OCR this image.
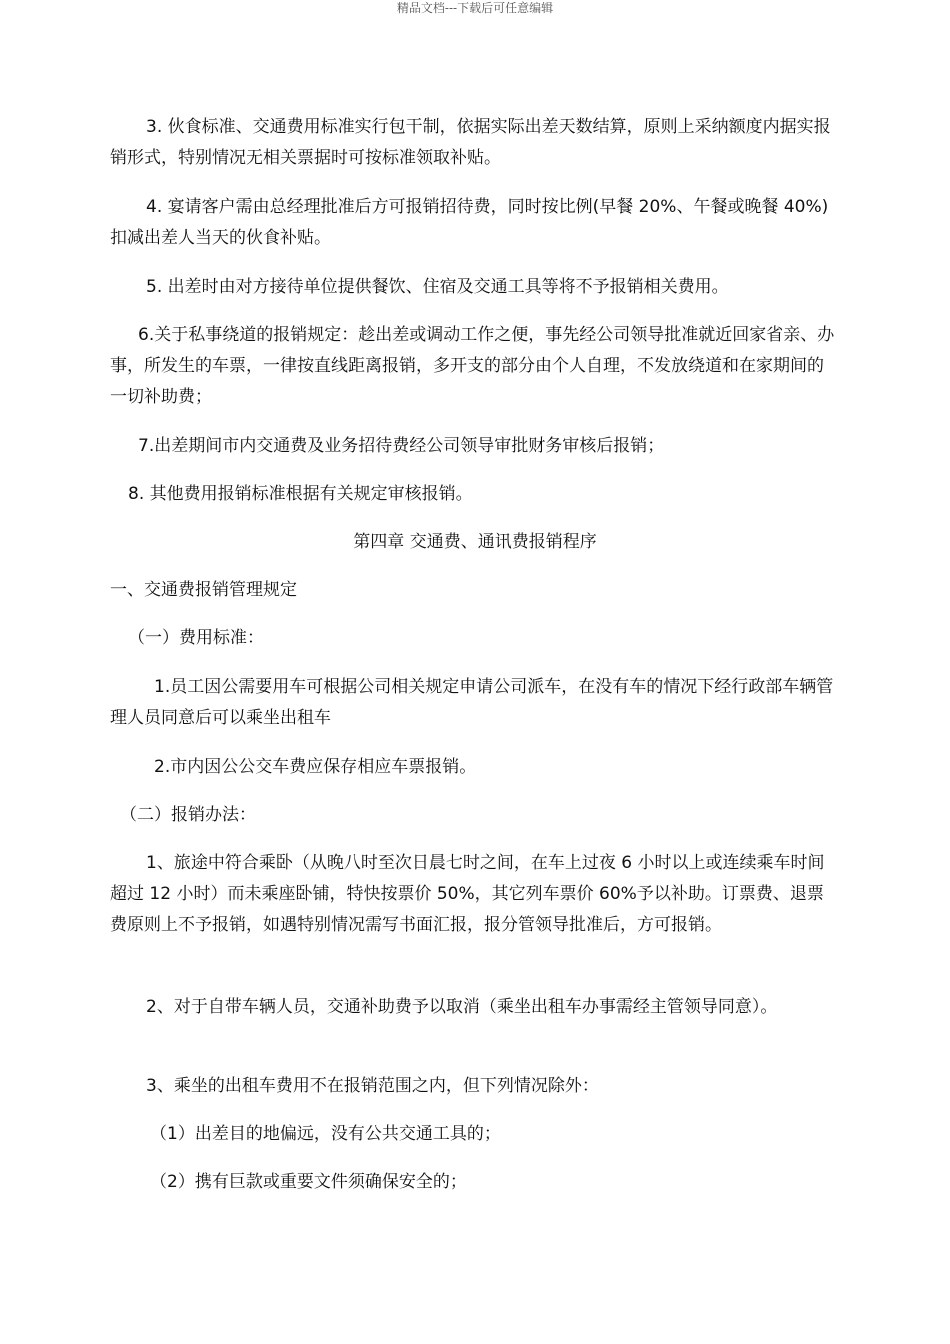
精品文档---下载后可任意编辑

3. 伙食标准、交通费用标准实行包干制，依据实际出差天数结算，原则上采纳额度内据实报销形式，特别情况无相关票据时可按标准领取补贴。

4. 宴请客户需由总经理批准后方可报销招待费，同时按比例(早餐 20%、午餐或晚餐 40%)扣减出差人当天的伙食补贴。

5. 出差时由对方接待单位提供餐饮、住宿及交通工具等将不予报销相关费用。

6.关于私事绕道的报销规定：趁出差或调动工作之便，事先经公司领导批准就近回家省亲、办事，所发生的车票，一律按直线距离报销，多开支的部分由个人自理，不发放绕道和在家期间的一切补助费；

7.出差期间市内交通费及业务招待费经公司领导审批财务审核后报销；

8. 其他费用报销标准根据有关规定审核报销。

第四章 交通费、通讯费报销程序

一、交通费报销管理规定

（一）费用标准：

1.员工因公需要用车可根据公司相关规定申请公司派车，在没有车的情况下经行政部车辆管理人员同意后可以乘坐出租车

2.市内因公公交车费应保存相应车票报销。

（二）报销办法：

1、旅途中符合乘卧（从晚八时至次日晨七时之间，在车上过夜 6 小时以上或连续乘车时间超过 12 小时）而未乘座卧铺，特快按票价 50%，其它列车票价 60%予以补助。订票费、退票费原则上不予报销，如遇特别情况需写书面汇报，报分管领导批准后，方可报销。

2、对于自带车辆人员，交通补助费予以取消（乘坐出租车办事需经主管领导同意）。

3、乘坐的出租车费用不在报销范围之内，但下列情况除外：

（1）出差目的地偏远，没有公共交通工具的；

（2）携有巨款或重要文件须确保安全的；
